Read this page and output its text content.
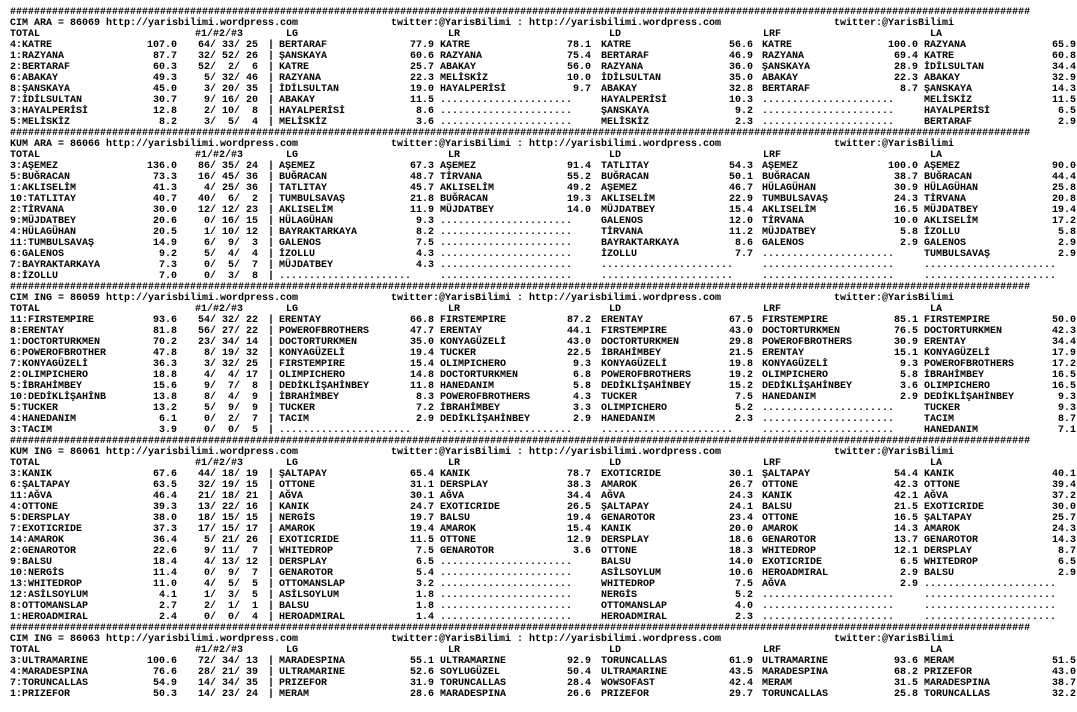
##########################################################################################################################################################################
CIM ARA = 86069 http://yarisbilimi.wordpress.com	twitter:@YarisBilimi : http://yarisbilimi.wordpress.com	twitter:@YarisBilimi
TOTAL	#1/#2/#3	LG	LR	LD	LRF	LA
4:KATRE	107.0	64/ 33/ 25 | BERTARAF	77.9 KATRE	78.1 KATRE	56.6 KATRE	100.0 RAZYANA	65.9
1:RAZYANA	87.7	32/ 52/ 26 | ŞANSKAYA	60.6 RAZYANA	75.4 BERTARAF	46.9 RAZYANA	69.4 KATRE	60.8
2:BERTARAF	60.3	52/  2/  6 | KATRE	25.7 ABAKAY	56.0 RAZYANA	36.0 ŞANSKAYA	28.9 İDİLSULTAN	34.4
6:ABAKAY	49.3	5/ 32/ 46 | RAZYANA	22.3 MELİSKİZ	10.0 İDİLSULTAN	35.0 ABAKAY	22.3 ABAKAY	32.9
8:ŞANSKAYA	45.0	3/ 20/ 35 | İDİLSULTAN	19.0 HAYALPERİSİ	9.7 ABAKAY	32.8 BERTARAF	8.7 ŞANSKAYA	14.3
7:İDİLSULTAN	30.7	9/ 16/ 20 | ABAKAY	11.5 ......................	HAYALPERİSİ	10.3 ......................	MELİSKİZ	11.5
3:HAYALPERİSİ	12.8	2/ 10/  8 | HAYALPERİSİ	8.6 ......................	ŞANSKAYA	9.2 ......................	HAYALPERİSİ	6.5
5:MELİSKİZ	8.2	3/  5/  4 | MELİSKİZ	3.6 ......................	MELİSKİZ	2.3 ......................	BERTARAF	2.9
##########################################################################################################################################################################
KUM ARA = 86066 http://yarisbilimi.wordpress.com	twitter:@YarisBilimi : http://yarisbilimi.wordpress.com	twitter:@YarisBilimi
TOTAL	#1/#2/#3	LG	LR	LD	LRF	LA
3:AŞEMEZ	136.0	86/ 35/ 24 | AŞEMEZ	67.3 AŞEMEZ	91.4 TATLITAY	54.3 AŞEMEZ	100.0 AŞEMEZ	90.0
5:BUĞRACAN	73.3	16/ 45/ 36 | BUĞRACAN	48.7 TİRVANA	55.2 BUĞRACAN	50.1 BUĞRACAN	38.7 BUĞRACAN	44.4
1:AKLISELİM	41.3	4/ 25/ 36 | TATLITAY	45.7 AKLISELİM	49.2 AŞEMEZ	46.7 HÜLAGÜHAN	30.9 HÜLAGÜHAN	25.8
10:TATLITAY	40.7	40/  6/  2 | TUMBULSAVAŞ	21.8 BUĞRACAN	19.3 AKLISELİM	22.9 TUMBULSAVAŞ	24.3 TİRVANA	20.8
2:TİRVANA	30.0	12/ 12/ 23 | AKLISELİM	11.9 MÜJDATBEY	14.0 MÜJDATBEY	15.4 AKLISELİM	16.5 MÜJDATBEY	19.4
9:MÜJDATBEY	20.6	0/ 16/ 15 | HÜLAGÜHAN	9.3 ......................	GALENOS	12.0 TİRVANA	10.0 AKLISELİM	17.2
4:HÜLAGÜHAN	20.5	1/ 10/ 12 | BAYRAKTARKAYA	8.2 ......................	TİRVANA	11.2 MÜJDATBEY	5.8 İZOLLU	5.8
11:TUMBULSAVAŞ	14.9	6/  9/  3 | GALENOS	7.5 ......................	BAYRAKTARKAYA	8.6 GALENOS	2.9 GALENOS	2.9
6:GALENOS	9.2	5/  4/  4 | İZOLLU	4.3 ......................	İZOLLU	7.7 ......................	TUMBULSAVAŞ	2.9
7:BAYRAKTARKAYA	7.3	0/  5/  7 | MÜJDATBEY	4.3 ......................	......................	......................	......................
8:İZOLLU	7.0	0/  3/  8 | ......................	......................	......................	......................	......................
##########################################################################################################################################################################
CIM ING = 86059 http://yarisbilimi.wordpress.com	twitter:@YarisBilimi : http://yarisbilimi.wordpress.com	twitter:@YarisBilimi
TOTAL	#1/#2/#3	LG	LR	LD	LRF	LA
11:FIRSTEMPIRE	93.6	54/ 32/ 22 | ERENTAY	66.8 FIRSTEMPIRE	87.2 ERENTAY	67.5 FIRSTEMPIRE	85.1 FIRSTEMPIRE	50.0
8:ERENTAY	81.8	56/ 27/ 22 | POWEROFBROTHERS	47.7 ERENTAY	44.1 FIRSTEMPIRE	43.0 DOCTORTURKMEN	76.5 DOCTORTURKMEN	42.3
1:DOCTORTURKMEN	70.2	23/ 34/ 14 | DOCTORTURKMEN	35.0 KONYAGÜZELİ	43.0 DOCTORTURKMEN	29.8 POWEROFBROTHERS	30.9 ERENTAY	34.4
6:POWEROFBROTHER	47.8	8/ 19/ 32 | KONYAGÜZELİ	19.4 TUCKER	22.5 İBRAHİMBEY	21.5 ERENTAY	15.1 KONYAGÜZELİ	17.9
7:KONYAGÜZELİ	36.3	3/ 32/ 25 | FIRSTEMPIRE	15.4 OLIMPICHERO	9.3 KONYAGÜZELİ	19.8 KONYAGÜZELİ	9.3 POWEROFBROTHERS	17.2
2:OLIMPICHERO	18.8	4/  4/ 17 | OLIMPICHERO	14.8 DOCTORTURKMEN	6.8 POWEROFBROTHERS	19.2 OLIMPICHERO	5.8 İBRAHİMBEY	16.5
5:İBRAHİMBEY	15.6	9/  7/  8 | DEDİKLİŞAHİNBEY	11.8 HANEDANIM	5.8 DEDİKLİŞAHİNBEY	15.2 DEDİKLİŞAHİNBEY	3.6 OLIMPICHERO	16.5
10:DEDİKLİŞAHİNB	13.8	8/  4/  9 | İBRAHİMBEY	8.3 POWEROFBROTHERS	4.3 TUCKER	7.5 HANEDANIM	2.9 DEDİKLİŞAHİNBEY	9.3
5:TUCKER	13.2	5/  9/  9 | TUCKER	7.2 İBRAHİMBEY	3.3 OLIMPICHERO	5.2 ......................	TUCKER	9.3
4:HANEDANIM	6.1	0/  2/  7 | TACIM	2.9 DEDİKLİŞAHİNBEY	2.9 HANEDANIM	2.3 ......................	TACIM	8.7
3:TACIM	3.9	0/  0/  5 | ......................	......................	......................	......................	HANEDANIM	7.1
##########################################################################################################################################################################
KUM ING = 86061 http://yarisbilimi.wordpress.com	twitter:@YarisBilimi : http://yarisbilimi.wordpress.com	twitter:@YarisBilimi
TOTAL	#1/#2/#3	LG	LR	LD	LRF	LA
3:KANIK	67.6	44/ 18/ 19 | ŞALTAPAY	65.4 KANIK	78.7 EXOTICRIDE	30.1 ŞALTAPAY	54.4 KANIK	40.1
6:ŞALTAPAY	63.5	32/ 19/ 15 | OTTONE	31.1 DERSPLAY	38.3 AMAROK	26.7 OTTONE	42.3 OTTONE	39.4
11:AĞVA	46.4	21/ 18/ 21 | AĞVA	30.1 AĞVA	34.4 AĞVA	24.3 KANIK	42.1 AĞVA	37.2
4:OTTONE	39.3	13/ 22/ 16 | KANIK	24.7 EXOTICRIDE	26.5 ŞALTAPAY	24.1 BALSU	21.5 EXOTICRIDE	30.0
5:DERSPLAY	38.0	18/ 15/ 15 | NERGİS	19.7 BALSU	19.4 GENAROTOR	23.4 OTTONE	16.5 ŞALTAPAY	25.7
7:EXOTICRIDE	37.3	17/ 15/ 17 | AMAROK	19.4 AMAROK	15.4 KANIK	20.0 AMAROK	14.3 AMAROK	24.3
14:AMAROK	36.4	5/ 21/ 26 | EXOTICRIDE	11.5 OTTONE	12.9 DERSPLAY	18.6 GENAROTOR	13.7 GENAROTOR	14.3
2:GENAROTOR	22.6	9/ 11/  7 | WHITEDROP	7.5 GENAROTOR	3.6 OTTONE	18.3 WHITEDROP	12.1 DERSPLAY	8.7
9:BALSU	18.4	4/ 13/ 12 | DERSPLAY	6.5 ......................	BALSU	14.0 EXOTICRIDE	6.5 WHITEDROP	6.5
10:NERGİS	11.4	0/  9/  7 | GENAROTOR	5.4 ......................	ASİLSOYLUM	10.6 HEROADMIRAL	2.9 BALSU	2.9
13:WHITEDROP	11.0	4/  5/  5 | OTTOMANSLAP	3.2 ......................	WHITEDROP	7.5 AĞVA	2.9 ......................
12:ASİLSOYLUM	4.1	1/  3/  5 | ASİLSOYLUM	1.8 ......................	NERGİS	5.2 ......................	......................
8:OTTOMANSLAP	2.7	2/  1/  1 | BALSU	1.8 ......................	OTTOMANSLAP	4.0 ......................	......................
1:HEROADMIRAL	2.4	0/  0/  4 | HEROADMIRAL	1.4 ......................	HEROADMIRAL	2.3 ......................	......................
##########################################################################################################################################################################
CIM ING = 86063 http://yarisbilimi.wordpress.com	twitter:@YarisBilimi : http://yarisbilimi.wordpress.com	twitter:@YarisBilimi
TOTAL	#1/#2/#3	LG	LR	LD	LRF	LA
3:ULTRAMARINE	100.6	72/ 34/ 13 | MARADESPINA	55.1 ULTRAMARINE	92.9 TORUNCALLAS	61.9 ULTRAMARINE	93.6 MERAM	51.5
4:MARADESPINA	76.6	28/ 21/ 39 | ULTRAMARINE	52.6 SOYLUGÜZEL	50.4 ULTRAMARINE	43.5 MARADESPINA	68.2 PRIZEFOR	43.0
7:TORUNCALLAS	54.9	14/ 34/ 35 | PRIZEFOR	31.9 TORUNCALLAS	28.4 WOWSOFAST	42.4 MERAM	31.5 MARADESPINA	38.7
1:PRIZEFOR	50.3	14/ 23/ 24 | MERAM	28.6 MARADESPINA	26.6 PRIZEFOR	29.7 TORUNCALLAS	25.8 TORUNCALLAS	32.2
